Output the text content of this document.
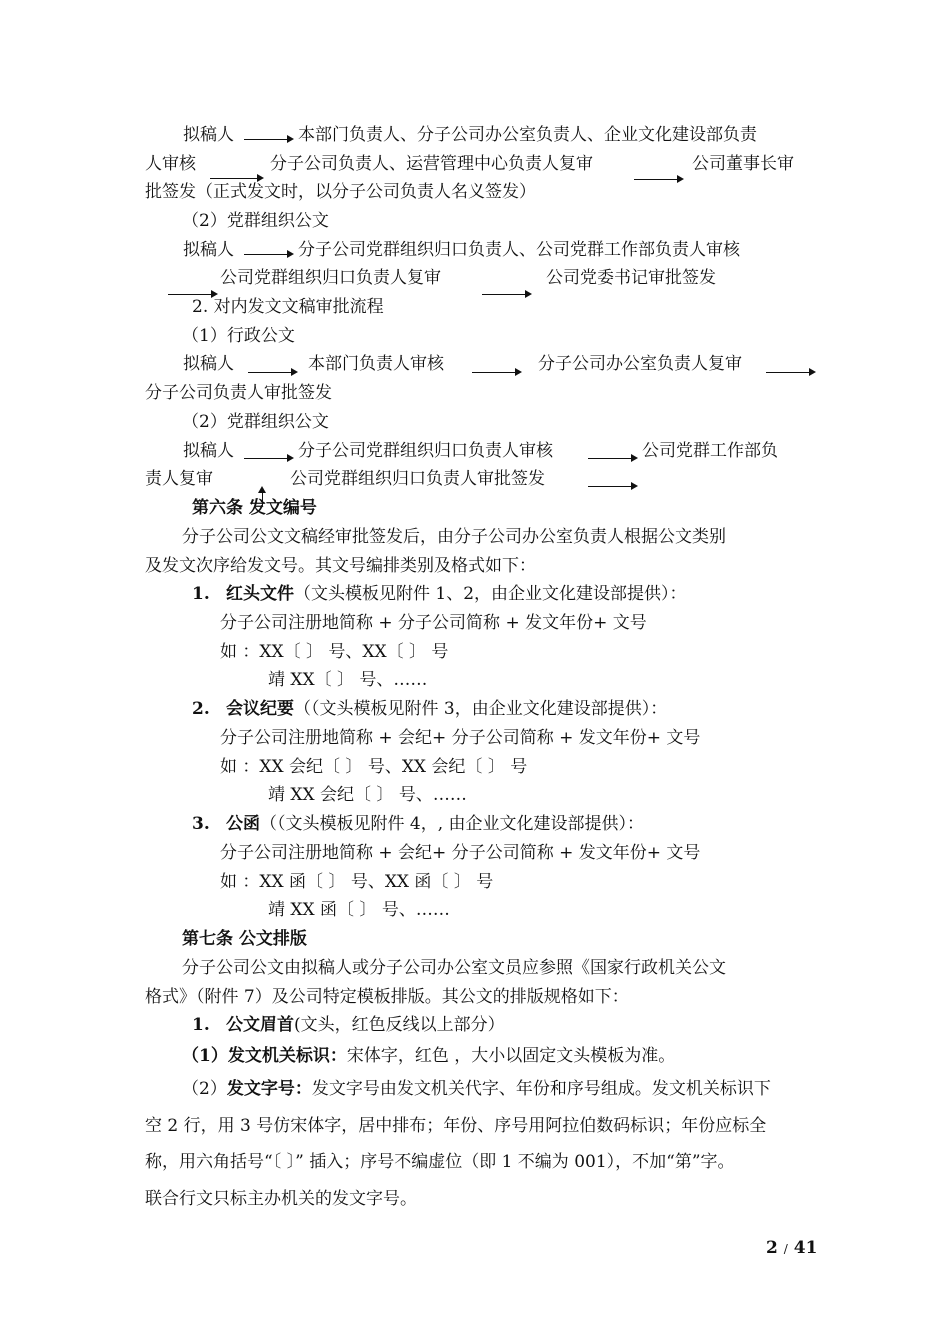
拟稿人	本部门负责人、分子公司办公室负责人、企业文化建设部负责
人审核	分子公司负责人、运营管理中心负责人复审	公司董事长审
批签发（正式发文时，以分子公司负责人名义签发）
（2）党群组织公文
拟稿人	分子公司党群组织归口负责人、公司党群工作部负责人审核
公司党群组织归口负责人复审	公司党委书记审批签发
2. 对内发文文稿审批流程
（1）行政公文
拟稿人	本部门负责人审核	分子公司办公室负责人复审
分子公司负责人审批签发
（2）党群组织公文
拟稿人	分子公司党群组织归口负责人审核	公司党群工作部负
责人复审	公司党群组织归口负责人审批签发
第六条 发文编号
分子公司公文文稿经审批签发后，由分子公司办公室负责人根据公文类别
及发文次序给发文号。其文号编排类别及格式如下：
1. 红头文件（文头模板见附件 1、2，由企业文化建设部提供）：
分子公司注册地简称 + 分子公司简称 + 发文年份+ 文号
如 ：XX〔 〕 号、XX〔 〕 号
靖 XX〔 〕 号、……
2. 会议纪要（（文头模板见附件 3，由企业文化建设部提供）：
分子公司注册地简称 + 会纪+ 分子公司简称 + 发文年份+ 文号
如 ：XX 会纪〔 〕 号、XX 会纪〔 〕 号
靖 XX 会纪〔 〕 号、……
3. 公函（（文头模板见附件 4，, 由企业文化建设部提供）：
分子公司注册地简称 + 会纪+ 分子公司简称 + 发文年份+ 文号
如 ：XX 函〔 〕 号、XX 函〔 〕 号
靖 XX 函〔 〕 号、……
第七条 公文排版
分子公司公文由拟稿人或分子公司办公室文员应参照《国家行政机关公文
格式》（附件 7）及公司特定模板排版。其公文的排版规格如下：
1. 公文眉首(文头，红色反线以上部分）
（1）发文机关标识：宋体字，红色 ，大小以固定文头模板为准。
（2）发文字号：发文字号由发文机关代字、年份和序号组成。发文机关标识下
空 2 行，用 3 号仿宋体字，居中排布；年份、序号用阿拉伯数码标识；年份应标全
称，用六角括号“〔 〕” 插入；序号不编虚位（即 1 不编为 001），不加“第”字。
联合行文只标主办机关的发文字号。
2 / 41
